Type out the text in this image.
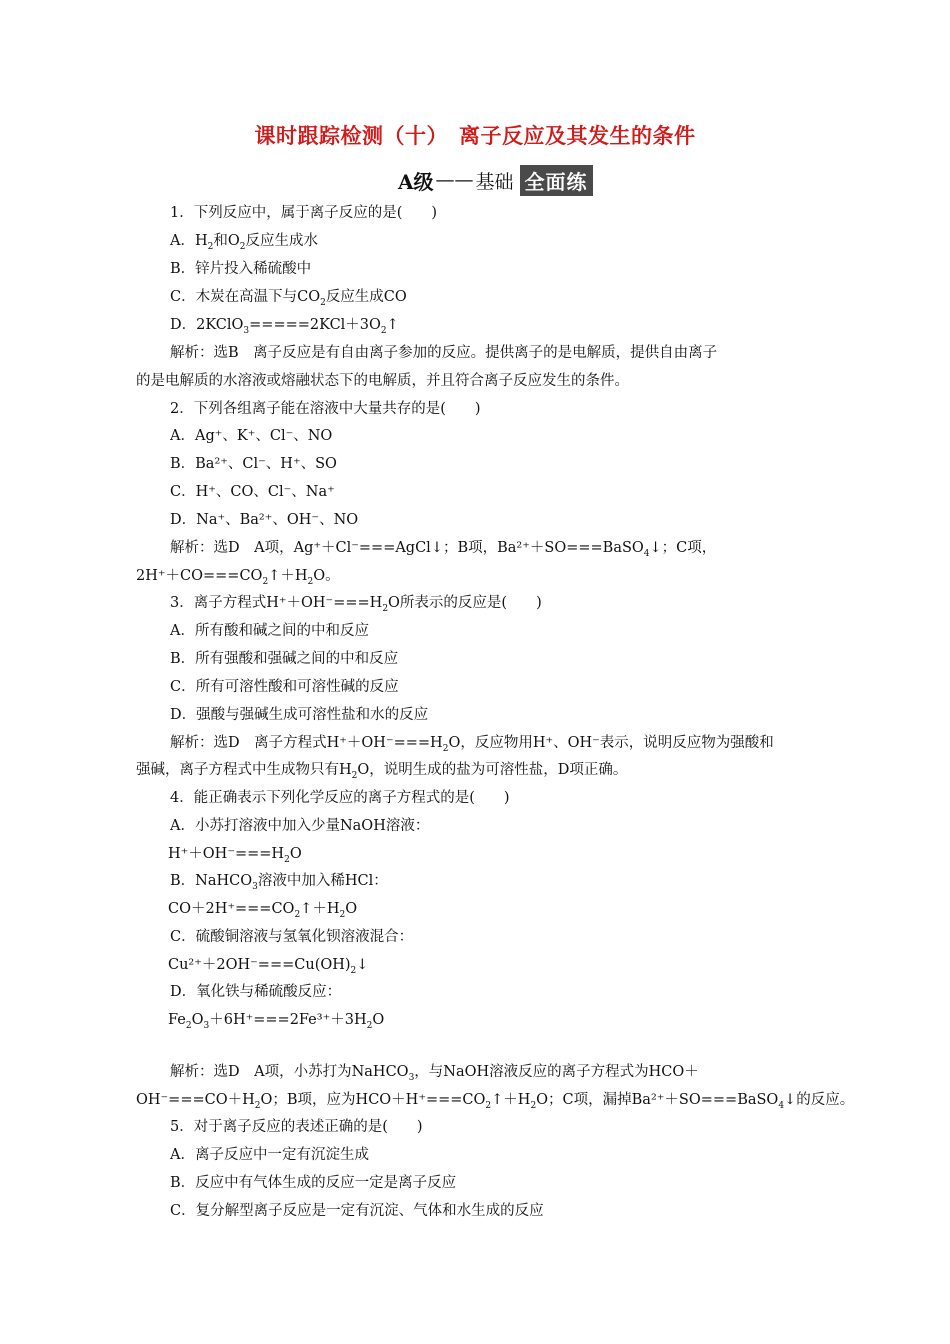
课时跟踪检测（十）　离子反应及其发生的条件
A级 —— 基础 全面练
1．下列反应中，属于离子反应的是(　　)
A．$H_2$和$O_2$反应生成水
B．锌片投入稀硫酸中
C．木炭在高温下与$CO_2$反应生成CO
D．$2KClO_3=====2KCl+3O_2↑$
解析：选B　离子反应是有自由离子参加的反应。提供离子的是电解质，提供自由离子
的是电解质的水溶液或熔融状态下的电解质，并且符合离子反应发生的条件。
2．下列各组离子能在溶液中大量共存的是(　　)
A．Ag⁺、K⁺、Cl⁻、NO
B．Ba²⁺、Cl⁻、H⁺、SO
C．H⁺、CO、Cl⁻、Na⁺
D．Na⁺、Ba²⁺、OH⁻、NO
解析：选D　A项，Ag⁺＋Cl⁻===AgCl↓；B项，Ba²⁺＋SO===BaSO$_4$↓；C项，
$2H^++CO===CO_2↑+H_2O$。
3．离子方程式$H^++OH^-===H_2O$所表示的反应是(　　)
A．所有酸和碱之间的中和反应
B．所有强酸和强碱之间的中和反应
C．所有可溶性酸和可溶性碱的反应
D．强酸与强碱生成可溶性盐和水的反应
解析：选D　离子方程式$H^++OH^-===H_2O$，反应物用H⁺、OH⁻表示，说明反应物为强酸和
强碱，离子方程式中生成物只有$H_2O$，说明生成的盐为可溶性盐，D项正确。
4．能正确表示下列化学反应的离子方程式的是(　　)
A．小苏打溶液中加入少量NaOH溶液：
$H^++OH^-===H_2O$
B．NaHCO$_3$溶液中加入稀HCl：
$CO+2H^+===CO_2↑+H_2O$
C．硫酸铜溶液与氢氧化钡溶液混合：
$Cu^{2+}+2OH^-===Cu(OH)_2↓$
D．氧化铁与稀硫酸反应：
$Fe_2O_3+6H^+===2Fe^{3+}+3H_2O$
解析：选D　A项，小苏打为NaHCO$_3$，与NaOH溶液反应的离子方程式为HCO＋
$OH^-===CO+H_2O$；B项，应为$HCO+H^+===CO_2↑+H_2O$；C项，漏掉Ba²⁺＋SO===BaSO$_4$↓的反应。
5．对于离子反应的表述正确的是(　　)
A．离子反应中一定有沉淀生成
B．反应中有气体生成的反应一定是离子反应
C．复分解型离子反应是一定有沉淀、气体和水生成的反应
